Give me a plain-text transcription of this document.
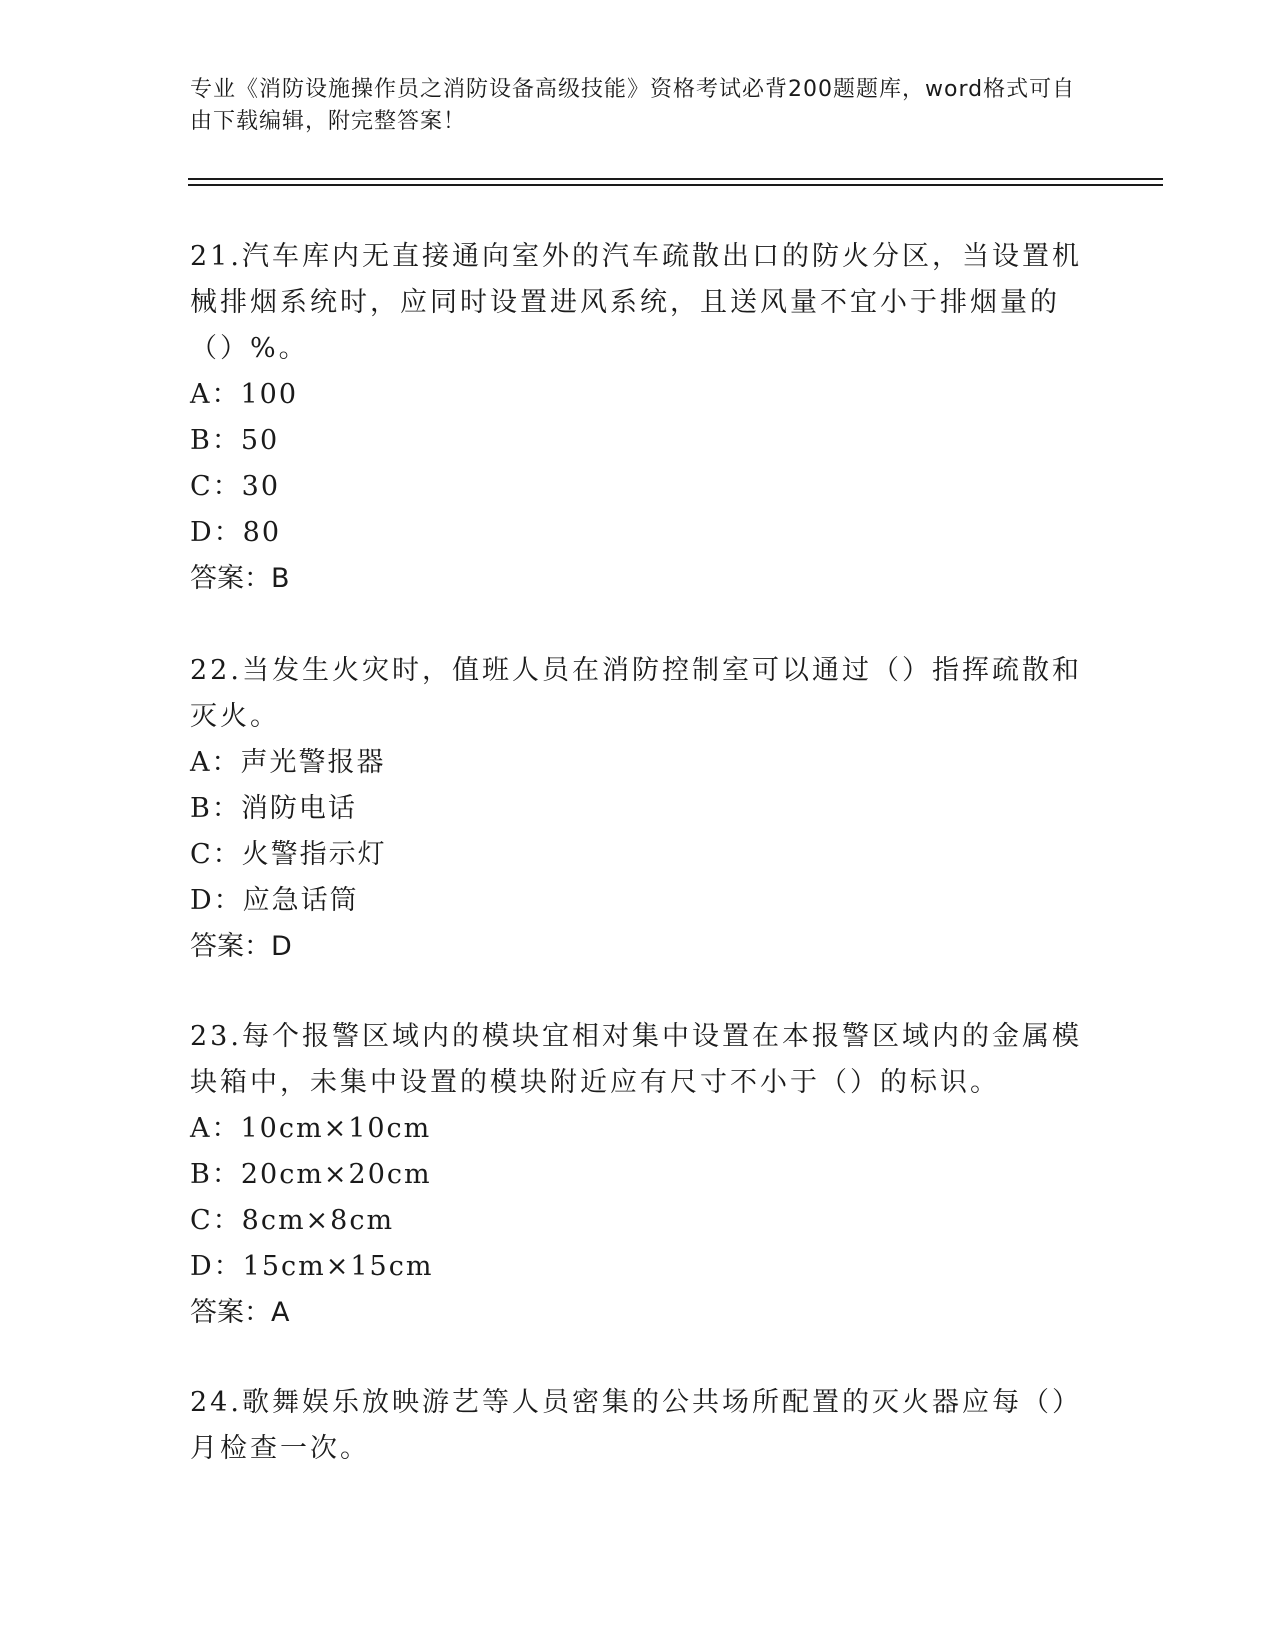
专业《消防设施操作员之消防设备高级技能》资格考试必背200题题库，word格式可自由下载编辑，附完整答案！

21.汽车库内无直接通向室外的汽车疏散出口的防火分区，当设置机械排烟系统时，应同时设置进风系统，且送风量不宜小于排烟量的（）%。

A：100

B：50

C：30

D：80

答案：B

22.当发生火灾时，值班人员在消防控制室可以通过（）指挥疏散和灭火。

A：声光警报器

B：消防电话

C：火警指示灯

D：应急话筒

答案：D

23.每个报警区域内的模块宜相对集中设置在本报警区域内的金属模块箱中，未集中设置的模块附近应有尺寸不小于（）的标识。

A：10cm×10cm

B：20cm×20cm

C：8cm×8cm

D：15cm×15cm

答案：A

24.歌舞娱乐放映游艺等人员密集的公共场所配置的灭火器应每（）月检查一次。
